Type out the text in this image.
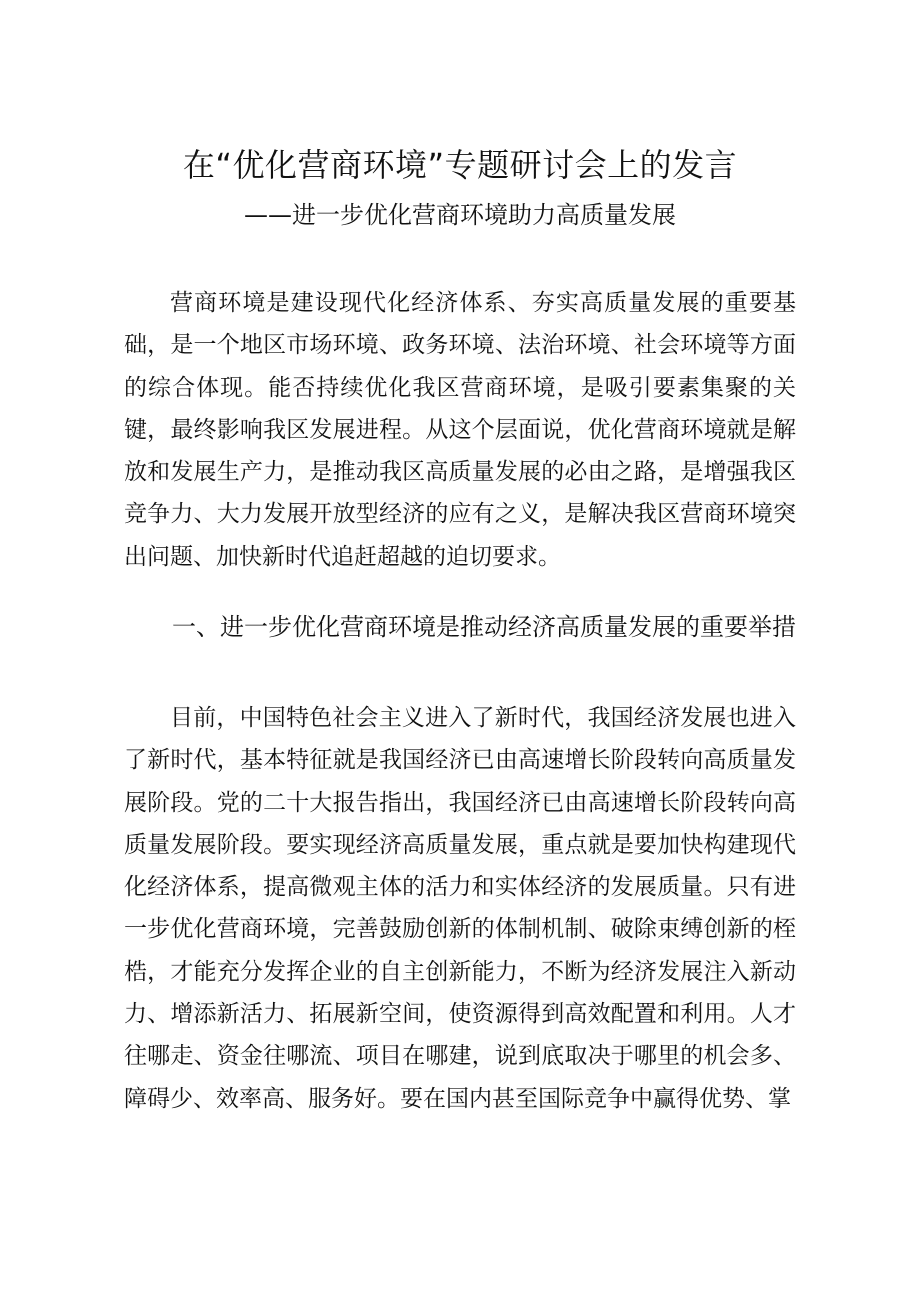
在“优化营商环境”专题研讨会上的发言
——进一步优化营商环境助力高质量发展

营商环境是建设现代化经济体系、夯实高质量发展的重要基础，是一个地区市场环境、政务环境、法治环境、社会环境等方面的综合体现。能否持续优化我区营商环境，是吸引要素集聚的关键，最终影响我区发展进程。从这个层面说，优化营商环境就是解放和发展生产力，是推动我区高质量发展的必由之路，是增强我区竞争力、大力发展开放型经济的应有之义，是解决我区营商环境突出问题、加快新时代追赶超越的迫切要求。

一、进一步优化营商环境是推动经济高质量发展的重要举措

目前，中国特色社会主义进入了新时代，我国经济发展也进入了新时代，基本特征就是我国经济已由高速增长阶段转向高质量发展阶段。党的二十大报告指出，我国经济已由高速增长阶段转向高质量发展阶段。要实现经济高质量发展，重点就是要加快构建现代化经济体系，提高微观主体的活力和实体经济的发展质量。只有进一步优化营商环境，完善鼓励创新的体制机制、破除束缚创新的桎梏，才能充分发挥企业的自主创新能力，不断为经济发展注入新动力、增添新活力、拓展新空间，使资源得到高效配置和利用。人才往哪走、资金往哪流、项目在哪建，说到底取决于哪里的机会多、障碍少、效率高、服务好。要在国内甚至国际竞争中赢得优势、掌
